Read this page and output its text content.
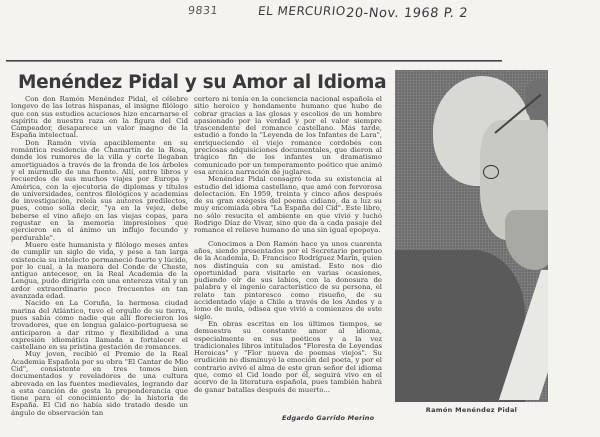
9831	EL MERCURIO
20-Nov. 1968 P. 2
Menéndez Pidal y su Amor al Idioma

Con don Ramón Menéndez Pidal, el célebre longevo de las letras hispanas, el insigne filólogo que con sus estudios acuciosos hizo encarnarse el espíritu de nuestra raza en la figura del Cid Campeador, desaparece un valor magno de la España intelectual.

Don Ramón vivía apaciblemente en su romántica residencia de Chamartín de la Rosa, donde los rumores de la villa y corte llegaban amortiguados a través de la fronda de los árboles y el murmullo de una fuente. Allí, entre libros y recuerdos de sus muchos viajes por Europa y América, con la ejecutoria de diplomas y títulos de universidades, centros filológicos y academias de investigación, releía sus autores predilectos, pues, como solía decir, "ya en la vejez, debe beberse el vino añejo en las viejas copas, para regustar en la memoria impresiones que ejercieron en el ánimo un influjo fecundo y perdurable".

Muere este humanista y filólogo meses antes de cumplir un siglo de vida, y pese a tan larga existencia su intelecto permaneció fuerte y lúcido, por lo cual, a la manera del Conde de Cheste, antiguo antecesor, en la Real Academia de la Lengua, pudo dirigirla con una entereza vital y un ardor extraordinario poco frecuentes en tan avanzada edad.

Nacido en La Coruña, la hermosa ciudad marina del Atlántico, tuvo el orgullo de su tierra, pues sabía como nadie que allí florecieron los trovadores, que en lengua galaico-portuguesa se anticiparon a dar ritmo y flexibilidad a una expresión idiomática llamada a fortalecer el castellano en su prístina gestación de romances.

Muy joven, recibió el Premio de la Real Academia Española por su obra "El Cantar de Mio Cid", consistente en tres tomos bien documentados y reveladores de una cultura abrevada en las fuentes medievales, logrando dar a esta canción de gesta la preponderancia que tiene para el conocimiento de la historia de España. El Cid no había sido tratado desde un ángulo de observación tan

certero ni tenía en la conciencia nacional española el sitio heroico y hondamente humano que hubo de cobrar gracias a las glosas y escolios de un hombre apasionado por la verdad y por el valor siempre trascendente del romance castellano. Más tarde, estudió a fondo la "Leyenda de los Infantes de Lara", enriqueciendo el viejo romance cordobés con preciosas adquisiciones documentales, que dieron al trágico fin de los infantes un dramatismo comunicado por un temperamento poético que animó esa arcaica narración de juglares.

Menéndez Pidal consagró toda su existencia al estudio del idioma castellano, que amó con fervorosa delectación. En 1959, treinta y cinco años después de su gran exégesis del poema cidiano, da a luz su muy encomiada obra "La España del Cid". Este libro, no sólo resucita el ambiente en que vivió y luchó Rodrigo Díaz de Vivar, sino que da a cada pasaje del romance el relieve humano de una sin igual epopeya.

Conocimos a Don Ramón hace ya unos cuarenta años, siendo presentados por el Secretario perpetuo de la Academia, D. Francisco Rodríguez Marín, quien nos distinguía con su amistad. Esto nos dio oportunidad para visitarle en varias ocasiones, pudiendo oír de sus labios, con la donosura de palabra y el ingenio característico de su persona, el relato tan pintoresco como risueño, de su accidentado viaje a Chile a través de los Andes y a lomo de mula, odisea que vivió a comienzos de este siglo.

En obras escritas en los últimos tiempos, se demuestra su constante amor al idioma, especialmente en sus poéticos y a la vez tradicionales libros intitulados "Floresta de Leyendas Heroicas" y "Flor nueva de poemas viejos". Su erudición no disminuyó la emoción del poeta, y por el contrario avivó el alma de este gran señor del idioma que, como el Cid loado por él, seguirá vivo en el acervo de la literatura española, pues también habrá de ganar batallas después de muerto...

Edgardo Garrido Merino
Ramón Menéndez Pidal
